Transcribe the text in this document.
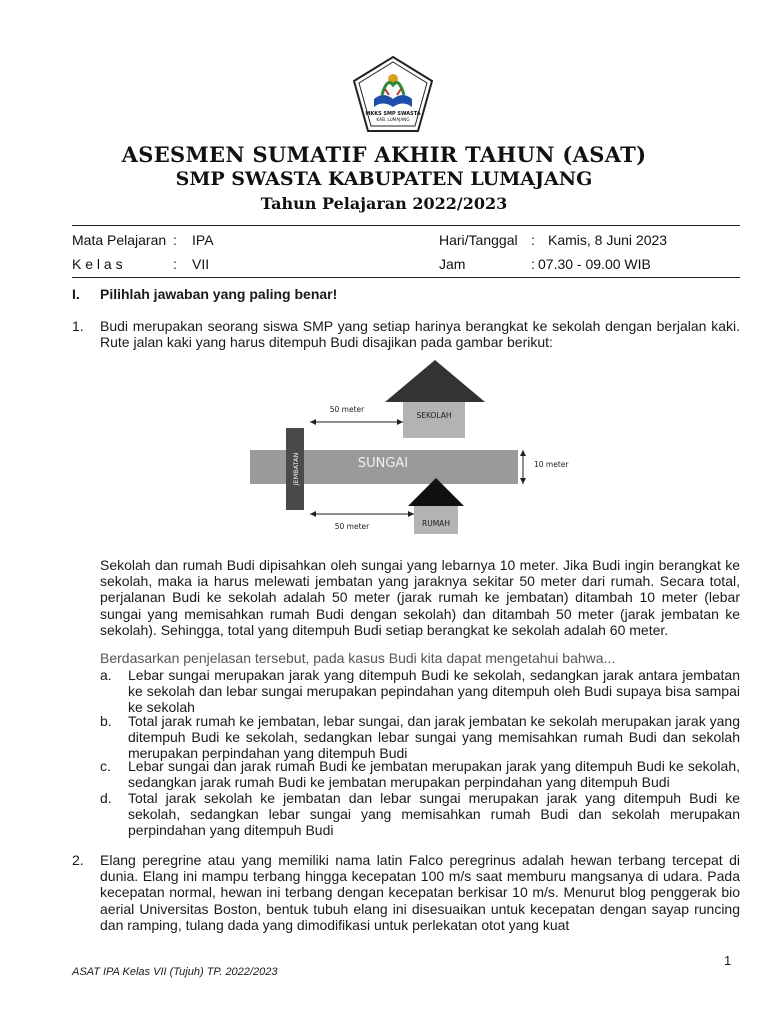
MKKS SMP SWASTA
KAB. LUMAJANG
ASESMEN SUMATIF AKHIR TAHUN (ASAT)
SMP SWASTA KABUPATEN LUMAJANG
Tahun Pelajaran 2022/2023
Mata Pelajaran : IPA	Hari/Tanggal : Kamis, 8 Juni 2023
K e l a s	: VII	Jam	: 07.30 - 09.00 WIB
I. Pilihlah jawaban yang paling benar!
1. Budi merupakan seorang siswa SMP yang setiap harinya berangkat ke sekolah dengan berjalan kaki. Rute jalan kaki yang harus ditempuh Budi disajikan pada gambar berikut:
SEKOLAH
50 meter
SUNGAI
JEMBATAN	10 meter
RUMAH
50 meter
Sekolah dan rumah Budi dipisahkan oleh sungai yang lebarnya 10 meter. Jika Budi ingin berangkat ke sekolah, maka ia harus melewati jembatan yang jaraknya sekitar 50 meter dari rumah. Secara total, perjalanan Budi ke sekolah adalah 50 meter (jarak rumah ke jembatan) ditambah 10 meter (lebar sungai yang memisahkan rumah Budi dengan sekolah) dan ditambah 50 meter (jarak jembatan ke sekolah). Sehingga, total yang ditempuh Budi setiap berangkat ke sekolah adalah 60 meter.
Berdasarkan penjelasan tersebut, pada kasus Budi kita dapat mengetahui bahwa...
a. Lebar sungai merupakan jarak yang ditempuh Budi ke sekolah, sedangkan jarak antara jembatan ke sekolah dan lebar sungai merupakan pepindahan yang ditempuh oleh Budi supaya bisa sampai ke sekolah
b. Total jarak rumah ke jembatan, lebar sungai, dan jarak jembatan ke sekolah merupakan jarak yang ditempuh Budi ke sekolah, sedangkan lebar sungai yang memisahkan rumah Budi dan sekolah merupakan perpindahan yang ditempuh Budi
c. Lebar sungai dan jarak rumah Budi ke jembatan merupakan jarak yang ditempuh Budi ke sekolah, sedangkan jarak rumah Budi ke jembatan merupakan perpindahan yang ditempuh Budi
d. Total jarak sekolah ke jembatan dan lebar sungai merupakan jarak yang ditempuh Budi ke sekolah, sedangkan lebar sungai yang memisahkan rumah Budi dan sekolah merupakan perpindahan yang ditempuh Budi
2. Elang peregrine atau yang memiliki nama latin Falco peregrinus adalah hewan terbang tercepat di dunia. Elang ini mampu terbang hingga kecepatan 100 m/s saat memburu mangsanya di udara. Pada kecepatan normal, hewan ini terbang dengan kecepatan berkisar 10 m/s. Menurut blog penggerak bio aerial Universitas Boston, bentuk tubuh elang ini disesuaikan untuk kecepatan dengan sayap runcing dan ramping, tulang dada yang dimodifikasi untuk perlekatan otot yang kuat
1
ASAT IPA Kelas VII (Tujuh) TP. 2022/2023
